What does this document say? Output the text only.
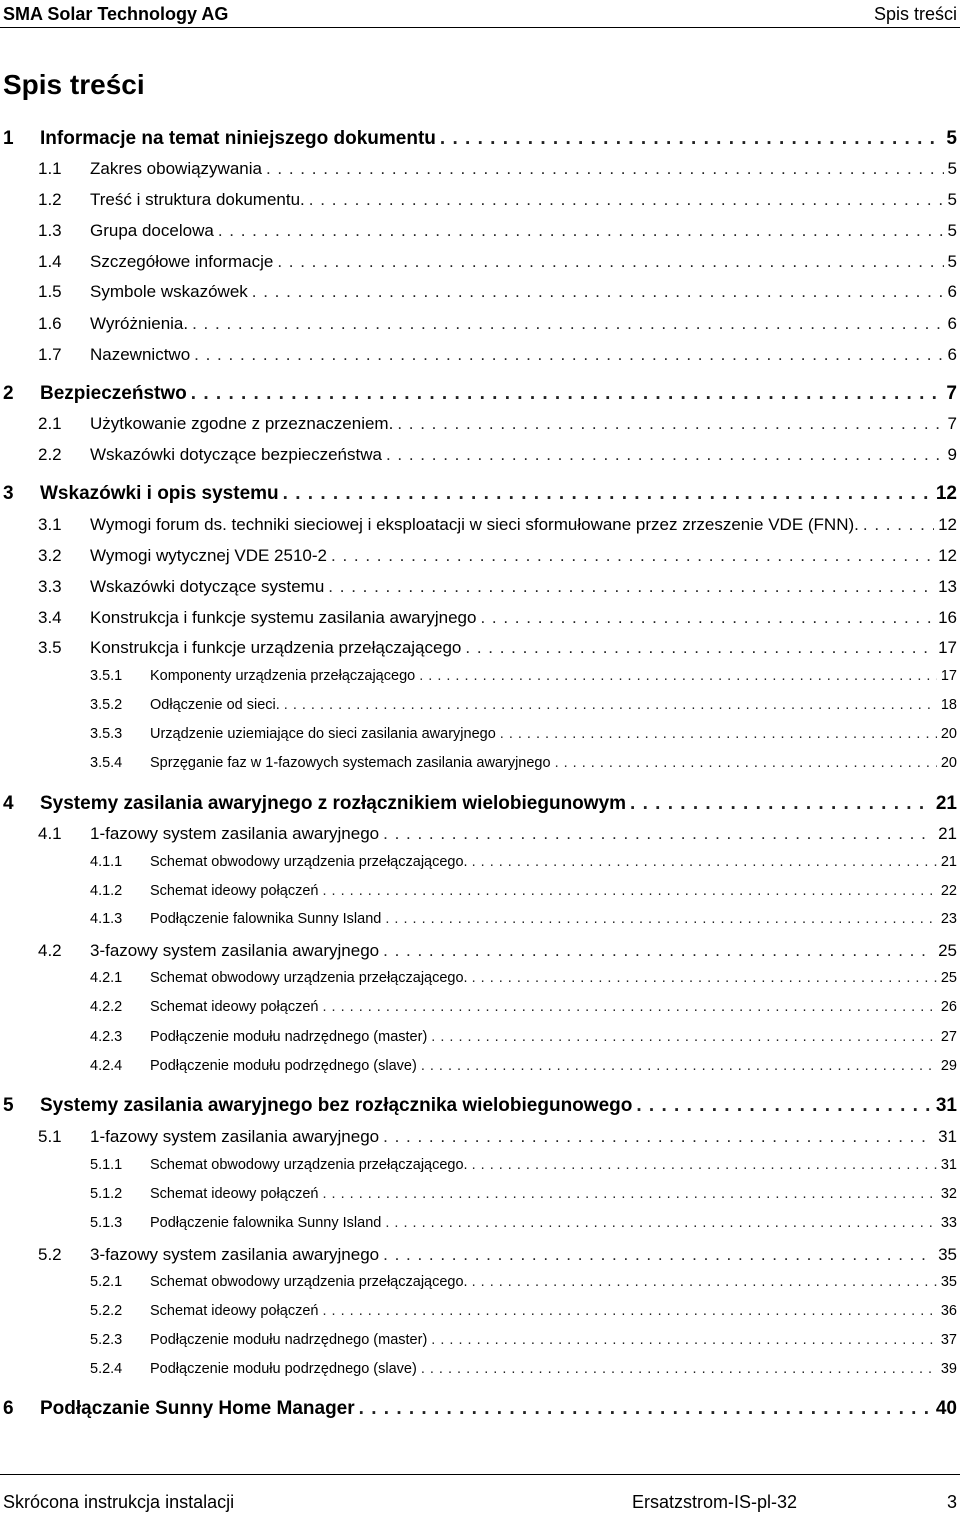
SMA Solar Technology AG	Spis treści
Spis treści
1	Informacje na temat niniejszego dokumentu . . .	5
1.1	Zakres obowiązywania . . .	5
1.2	Treść i struktura dokumentu. . . .	5
1.3	Grupa docelowa . . .	5
1.4	Szczegółowe informacje . . .	5
1.5	Symbole wskazówek . . .	6
1.6	Wyróżnienia. . . .	6
1.7	Nazewnictwo . . .	6
2	Bezpieczeństwo . . .	7
2.1	Użytkowanie zgodne z przeznaczeniem. . . .	7
2.2	Wskazówki dotyczące bezpieczeństwa . . .	9
3	Wskazówki i opis systemu . . .	12
3.1	Wymogi forum ds. techniki sieciowej i eksploatacji w sieci sformułowane przez zrzeszenie VDE (FNN). . . .	12
3.2	Wymogi wytycznej VDE 2510-2 . . .	12
3.3	Wskazówki dotyczące systemu . . .	13
3.4	Konstrukcja i funkcje systemu zasilania awaryjnego . . .	16
3.5	Konstrukcja i funkcje urządzenia przełączającego . . .	17
3.5.1	Komponenty urządzenia przełączającego . . .	17
3.5.2	Odłączenie od sieci. . . .	18
3.5.3	Urządzenie uziemiające do sieci zasilania awaryjnego . . .	20
3.5.4	Sprzęganie faz w 1-fazowych systemach zasilania awaryjnego . . .	20
4	Systemy zasilania awaryjnego z rozłącznikiem wielobiegunowym . . .	21
4.1	1-fazowy system zasilania awaryjnego . . .	21
4.1.1	Schemat obwodowy urządzenia przełączającego. . . .	21
4.1.2	Schemat ideowy połączeń . . .	22
4.1.3	Podłączenie falownika Sunny Island . . .	23
4.2	3-fazowy system zasilania awaryjnego . . .	25
4.2.1	Schemat obwodowy urządzenia przełączającego. . . .	25
4.2.2	Schemat ideowy połączeń . . .	26
4.2.3	Podłączenie modułu nadrzędnego (master) . . .	27
4.2.4	Podłączenie modułu podrzędnego (slave) . . .	29
5	Systemy zasilania awaryjnego bez rozłącznika wielobiegunowego . . .	31
5.1	1-fazowy system zasilania awaryjnego . . .	31
5.1.1	Schemat obwodowy urządzenia przełączającego. . . .	31
5.1.2	Schemat ideowy połączeń . . .	32
5.1.3	Podłączenie falownika Sunny Island . . .	33
5.2	3-fazowy system zasilania awaryjnego . . .	35
5.2.1	Schemat obwodowy urządzenia przełączającego. . . .	35
5.2.2	Schemat ideowy połączeń . . .	36
5.2.3	Podłączenie modułu nadrzędnego (master) . . .	37
5.2.4	Podłączenie modułu podrzędnego (slave) . . .	39
6	Podłączanie Sunny Home Manager . . .	40
Skrócona instrukcja instalacji	Ersatzstrom-IS-pl-32	3
